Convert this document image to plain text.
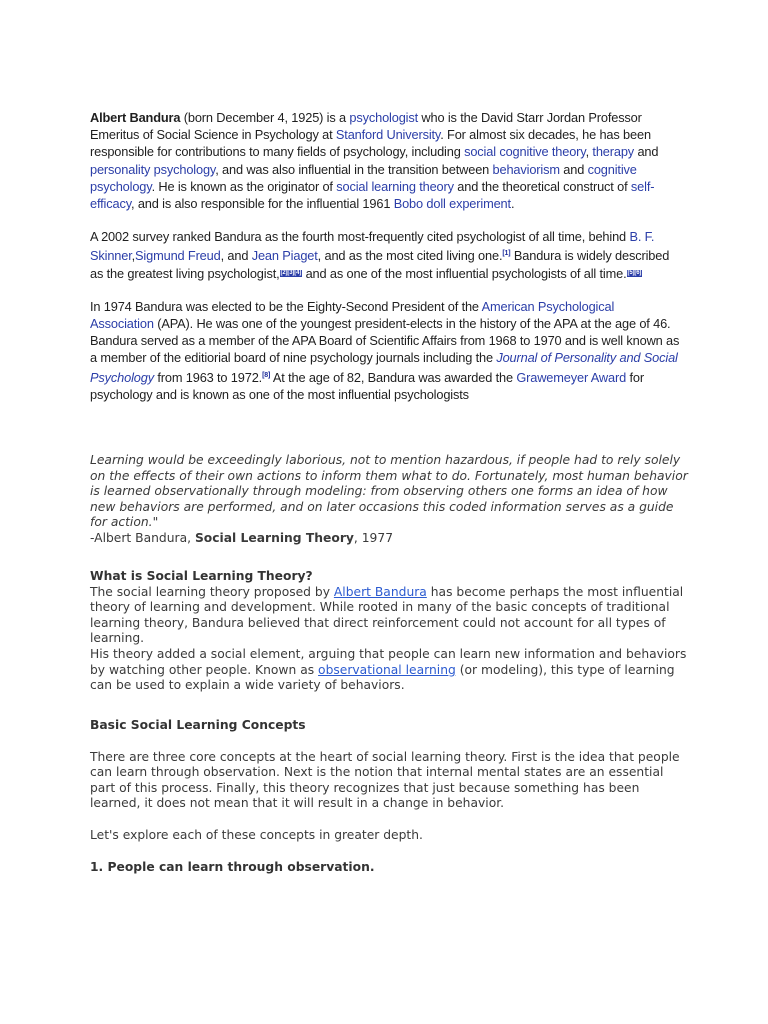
Albert Bandura (born December 4, 1925) is a psychologist who is the David Starr Jordan Professor Emeritus of Social Science in Psychology at Stanford University. For almost six decades, he has been responsible for contributions to many fields of psychology, including social cognitive theory, therapy and personality psychology, and was also influential in the transition between behaviorism and cognitive psychology. He is known as the originator of social learning theory and the theoretical construct of self-efficacy, and is also responsible for the influential 1961 Bobo doll experiment.

A 2002 survey ranked Bandura as the fourth most-frequently cited psychologist of all time, behind B. F. Skinner,Sigmund Freud, and Jean Piaget, and as the most cited living one.[1] Bandura is widely described as the greatest living psychologist,[2][3][4] and as one of the most influential psychologists of all time.[5][6]

In 1974 Bandura was elected to be the Eighty-Second President of the American Psychological Association (APA). He was one of the youngest president-elects in the history of the APA at the age of 46. Bandura served as a member of the APA Board of Scientific Affairs from 1968 to 1970 and is well known as a member of the editiorial board of nine psychology journals including the Journal of Personality and Social Psychology from 1963 to 1972.[8] At the age of 82, Bandura was awarded the Grawemeyer Award for psychology and is known as one of the most influential psychologists

Learning would be exceedingly laborious, not to mention hazardous, if people had to rely solely on the effects of their own actions to inform them what to do. Fortunately, most human behavior is learned observationally through modeling: from observing others one forms an idea of how new behaviors are performed, and on later occasions this coded information serves as a guide for action."

-Albert Bandura, Social Learning Theory, 1977

What is Social Learning Theory?

The social learning theory proposed by Albert Bandura has become perhaps the most influential theory of learning and development. While rooted in many of the basic concepts of traditional learning theory, Bandura believed that direct reinforcement could not account for all types of learning.

His theory added a social element, arguing that people can learn new information and behaviors by watching other people. Known as observational learning (or modeling), this type of learning can be used to explain a wide variety of behaviors.

Basic Social Learning Concepts

There are three core concepts at the heart of social learning theory. First is the idea that people can learn through observation. Next is the notion that internal mental states are an essential part of this process. Finally, this theory recognizes that just because something has been learned, it does not mean that it will result in a change in behavior.

Let's explore each of these concepts in greater depth.

1. People can learn through observation.
